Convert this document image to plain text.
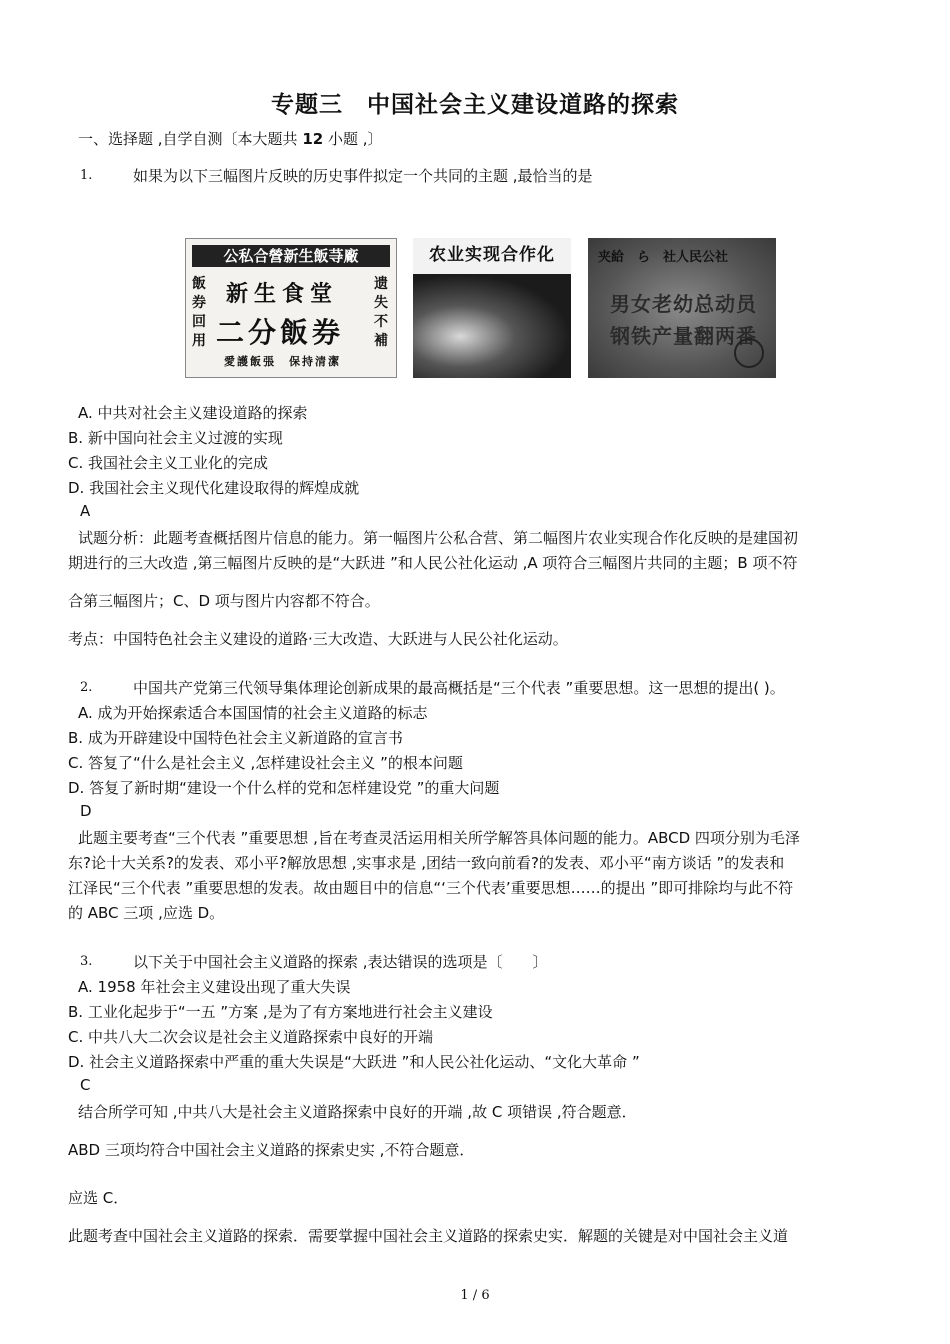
专题三　中国社会主义建设道路的探索
一、选择题 ,自学自测〔本大题共 12 小题 ,〕
1.	如果为以下三幅图片反映的历史事件拟定一个共同的主题 ,最恰当的是
公私合營新生飯䒭廠
飯券回用
遗失不補
新生食堂
二分飯券
愛護飯張　保持清潔
农业实现合作化	夹給　ら　社人民公社
男女老幼总动员
钢铁产量翻两番
A. 中共对社会主义建设道路的探索
B. 新中国向社会主义过渡的实现
C. 我国社会主义工业化的完成
D. 我国社会主义现代化建设取得的辉煌成就
A
试题分析：此题考查概括图片信息的能力。第一幅图片公私合营、第二幅图片农业实现合作化反映的是建国初
期进行的三大改造 ,第三幅图片反映的是“大跃进 ”和人民公社化运动 ,A 项符合三幅图片共同的主题；B 项不符
合第三幅图片；C、D 项与图片内容都不符合。
考点：中国特色社会主义建设的道路·三大改造、大跃进与人民公社化运动。
2.	中国共产党第三代领导集体理论创新成果的最高概括是“三个代表 ”重要思想。这一思想的提出( )。
A. 成为开始探索适合本国国情的社会主义道路的标志
B. 成为开辟建设中国特色社会主义新道路的宣言书
C. 答复了“什么是社会主义 ,怎样建设社会主义 ”的根本问题
D. 答复了新时期“建设一个什么样的党和怎样建设党 ”的重大问题
D
此题主要考查“三个代表 ”重要思想 ,旨在考查灵活运用相关所学解答具体问题的能力。ABCD 四项分别为毛泽
东?论十大关系?的发表、邓小平?解放思想 ,实事求是 ,团结一致向前看?的发表、邓小平“南方谈话 ”的发表和
江泽民“三个代表 ”重要思想的发表。故由题目中的信息“‘三个代表’重要思想……的提出 ”即可排除均与此不符
的 ABC 三项 ,应选 D。
3.	以下关于中国社会主义道路的探索 ,表达错误的选项是〔　　〕
A. 1958 年社会主义建设出现了重大失误
B. 工业化起步于“一五 ”方案 ,是为了有方案地进行社会主义建设
C. 中共八大二次会议是社会主义道路探索中良好的开端
D. 社会主义道路探索中严重的重大失误是“大跃进 ”和人民公社化运动、“文化大革命 ”
C
结合所学可知 ,中共八大是社会主义道路探索中良好的开端 ,故 C 项错误 ,符合题意．
ABD 三项均符合中国社会主义道路的探索史实 ,不符合题意．
应选 C．
此题考查中国社会主义道路的探索．需要掌握中国社会主义道路的探索史实．解题的关键是对中国社会主义道
1 / 6
